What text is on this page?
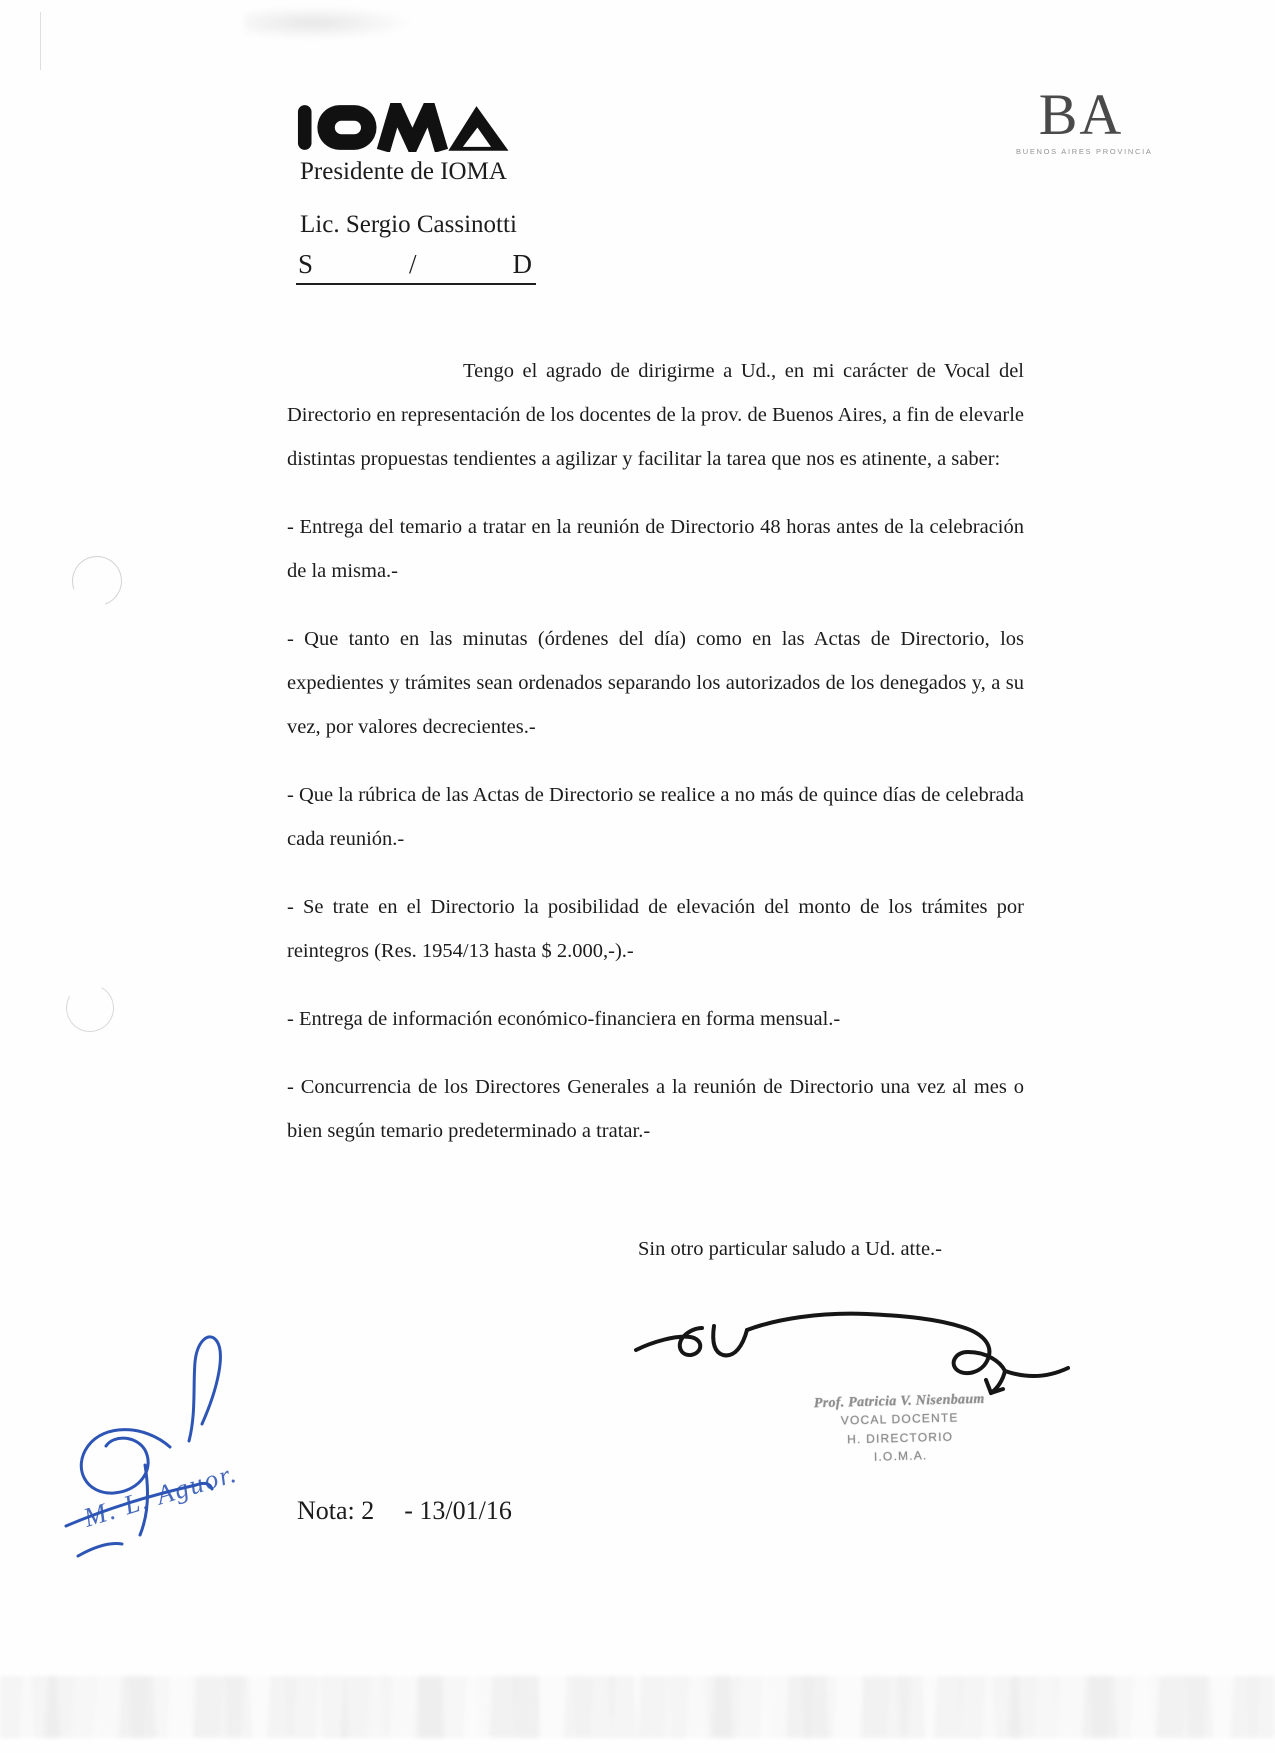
BA
BUENOS AIRES PROVINCIA
Presidente de IOMA
Lic. Sergio Cassinotti
S	/	D

Tengo el agrado de dirigirme a Ud., en mi carácter de Vocal del Directorio en representación de los docentes de la prov. de Buenos Aires, a fin de elevarle distintas propuestas tendientes a agilizar y facilitar la tarea que nos es atinente, a saber:

- Entrega del temario a tratar en la reunión de Directorio 48 horas antes de la celebración de la misma.-

- Que tanto en las minutas (órdenes del día) como en las Actas de Directorio, los expedientes y trámites sean ordenados separando los autorizados de los denegados y, a su vez, por valores decrecientes.-

- Que la rúbrica de las Actas de Directorio se realice a no más de quince días de celebrada cada reunión.-

- Se trate en el Directorio la posibilidad de elevación del monto de los trámites por reintegros (Res. 1954/13 hasta $ 2.000,-).-

- Entrega de información económico-financiera en forma mensual.-

- Concurrencia de los Directores Generales a la reunión de Directorio una vez al mes o bien según temario predeterminado a tratar.-

Sin otro particular saludo a Ud. atte.-
Prof. Patricia V. Nisenbaum
VOCAL DOCENTE
H. DIRECTORIO
I.O.M.A.
M. L. Aguor. Nota: 2 - 13/01/16
